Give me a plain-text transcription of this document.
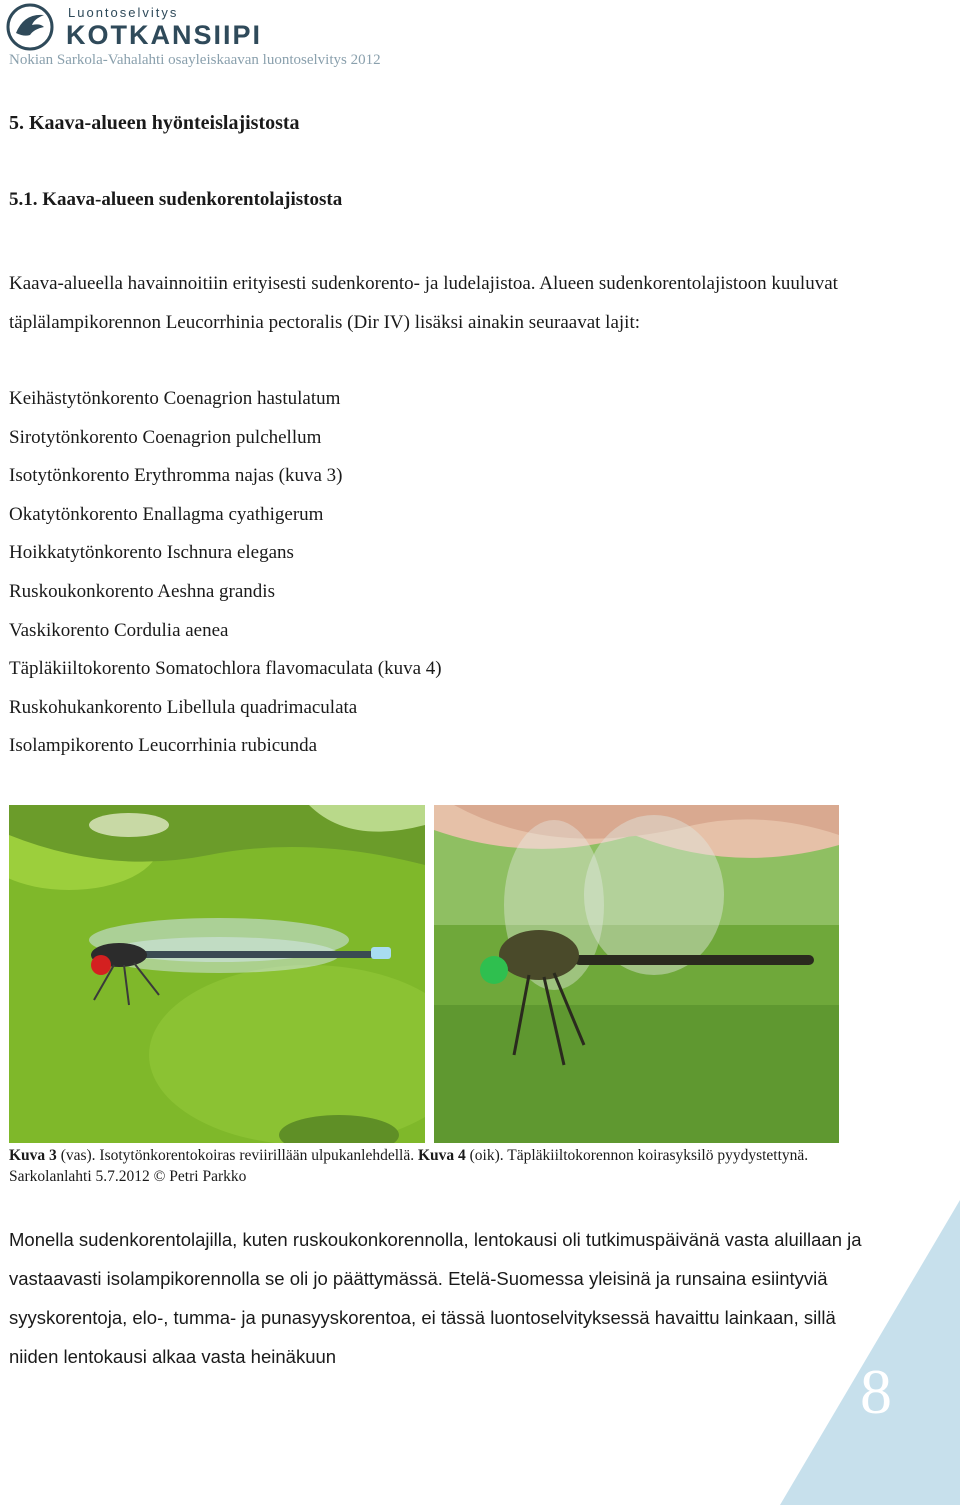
Luontoselvitys
KOTKANSIIPI
Nokian Sarkola-Vahalahti osayleiskaavan luontoselvitys 2012
5. Kaava-alueen hyönteislajistosta
5.1. Kaava-alueen sudenkorentolajistosta

Kaava-alueella havainnoitiin erityisesti sudenkorento- ja ludelajistoa. Alueen sudenkorentolajistoon kuuluvat täplälampikorennon Leucorrhinia pectoralis (Dir IV) lisäksi ainakin seuraavat lajit:

Keihästytönkorento Coenagrion hastulatum
Sirotytönkorento Coenagrion pulchellum
Isotytönkorento Erythromma najas (kuva 3)
Okatytönkorento Enallagma cyathigerum
Hoikkatytönkorento Ischnura elegans
Ruskoukonkorento Aeshna grandis
Vaskikorento Cordulia aenea
Täpläkiiltokorento Somatochlora flavomaculata (kuva 4)
Ruskohukankorento Libellula quadrimaculata
Isolampikorento Leucorrhinia rubicunda
Kuva 3 (vas). Isotytönkorentokoiras reviirillään ulpukanlehdellä. Kuva 4 (oik). Täpläkiiltokorennon koirasyksilö pyydystettynä. Sarkolanlahti 5.7.2012 © Petri Parkko

Monella sudenkorentolajilla, kuten ruskoukonkorennolla, lentokausi oli tutkimuspäivänä vasta aluillaan ja vastaavasti isolampikorennolla se oli jo päättymässä. Etelä-Suomessa yleisinä ja runsaina esiintyviä syyskorentoja, elo-, tumma- ja punasyyskorentoa, ei tässä luontoselvityksessä havaittu lainkaan, sillä niiden lentokausi alkaa vasta heinäkuun	8
